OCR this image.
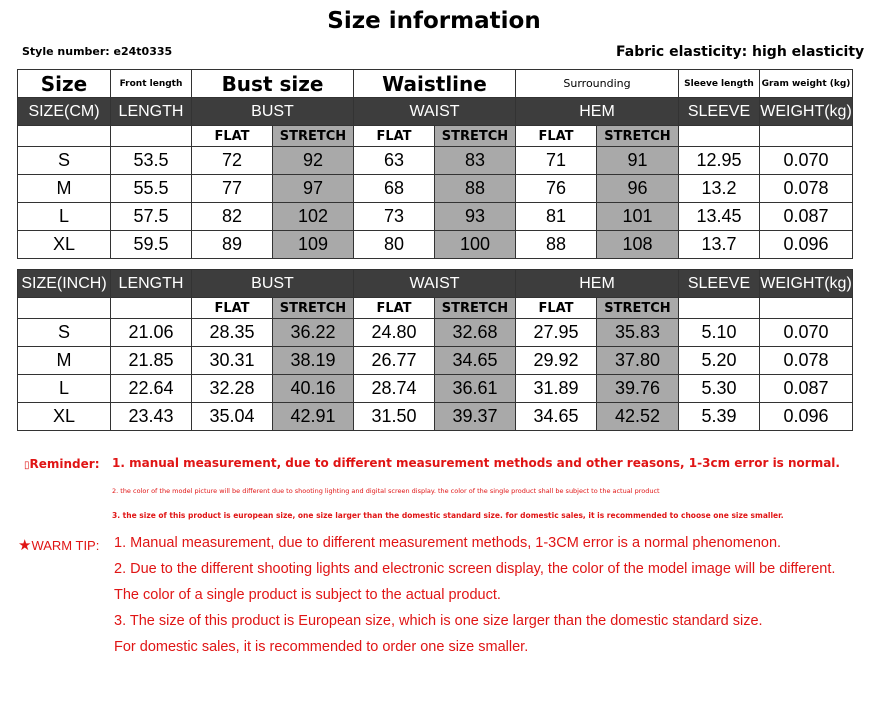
Size information
Style number: e24t0335	Fabric elasticity: high elasticity
Size	Front length	Bust size		Waistline		Surrounding		Sleeve length	Gram weight (kg)
SIZE(CM)	LENGTH	BUST		WAIST		HEM		SLEEVE	WEIGHT(kg)
		FLAT	STRETCH	FLAT	STRETCH	FLAT	STRETCH		
S	53.5	72	92	63	83	71	91	12.95	0.070
M	55.5	77	97	68	88	76	96	13.2	0.078
L	57.5	82	102	73	93	81	101	13.45	0.087
XL	59.5	89	109	80	100	88	108	13.7	0.096
SIZE(INCH)	LENGTH	BUST		WAIST		HEM		SLEEVE	WEIGHT(kg)
		FLAT	STRETCH	FLAT	STRETCH	FLAT	STRETCH		
S	21.06	28.35	36.22	24.80	32.68	27.95	35.83	5.10	0.070
M	21.85	30.31	38.19	26.77	34.65	29.92	37.80	5.20	0.078
L	22.64	32.28	40.16	28.74	36.61	31.89	39.76	5.30	0.087
XL	23.43	35.04	42.91	31.50	39.37	34.65	42.52	5.39	0.096
▯Reminder: 1. manual measurement, due to different measurement methods and other reasons, 1-3cm error is normal.
2. the color of the model picture will be different due to shooting lighting and digital screen display. the color of the single product shall be subject to the actual product
3. the size of this product is european size, one size larger than the domestic standard size. for domestic sales, it is recommended to choose one size smaller.
★WARM TIP: 1. Manual measurement, due to different measurement methods, 1-3CM error is a normal phenomenon.
2. Due to the different shooting lights and electronic screen display, the color of the model image will be different.
The color of a single product is subject to the actual product.
3. The size of this product is European size, which is one size larger than the domestic standard size.
For domestic sales, it is recommended to order one size smaller.
